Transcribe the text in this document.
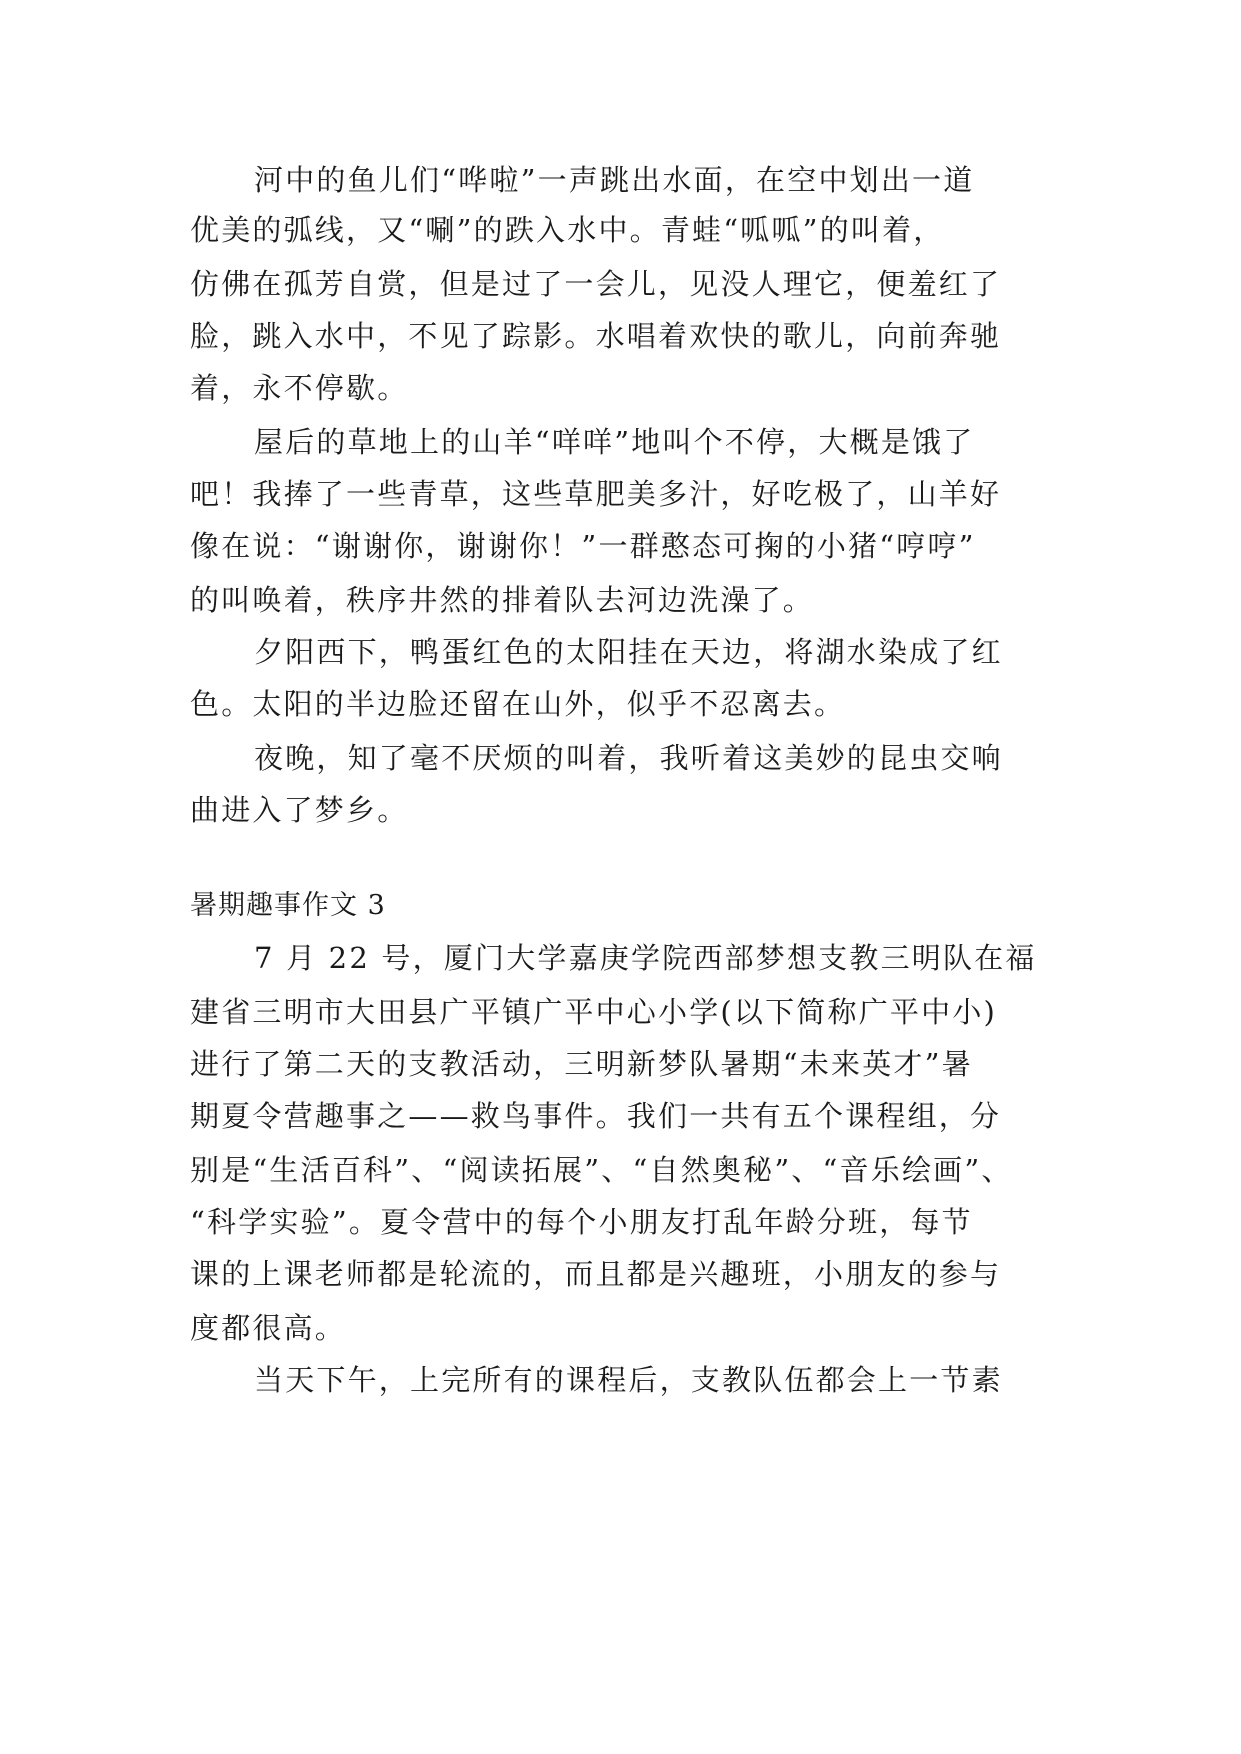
河中的鱼儿们“哗啦”一声跳出水面，在空中划出一道
优美的弧线，又“唰”的跌入水中。青蛙“呱呱”的叫着，
仿佛在孤芳自赏，但是过了一会儿，见没人理它，便羞红了
脸，跳入水中，不见了踪影。水唱着欢快的歌儿，向前奔驰
着，永不停歇。
屋后的草地上的山羊“咩咩”地叫个不停，大概是饿了
吧！我捧了一些青草，这些草肥美多汁，好吃极了，山羊好
像在说：“谢谢你，谢谢你！”一群憨态可掬的小猪“哼哼”
的叫唤着，秩序井然的排着队去河边洗澡了。
夕阳西下，鸭蛋红色的太阳挂在天边，将湖水染成了红
色。太阳的半边脸还留在山外，似乎不忍离去。
夜晚，知了毫不厌烦的叫着，我听着这美妙的昆虫交响
曲进入了梦乡。
暑期趣事作文 3
7 月 22 号，厦门大学嘉庚学院西部梦想支教三明队在福
建省三明市大田县广平镇广平中心小学(以下简称广平中小)
进行了第二天的支教活动，三明新梦队暑期“未来英才”暑
期夏令营趣事之——救鸟事件。我们一共有五个课程组，分
别是“生活百科”、“阅读拓展”、“自然奥秘”、“音乐绘画”、
“科学实验”。夏令营中的每个小朋友打乱年龄分班，每节
课的上课老师都是轮流的，而且都是兴趣班，小朋友的参与
度都很高。
当天下午，上完所有的课程后，支教队伍都会上一节素
